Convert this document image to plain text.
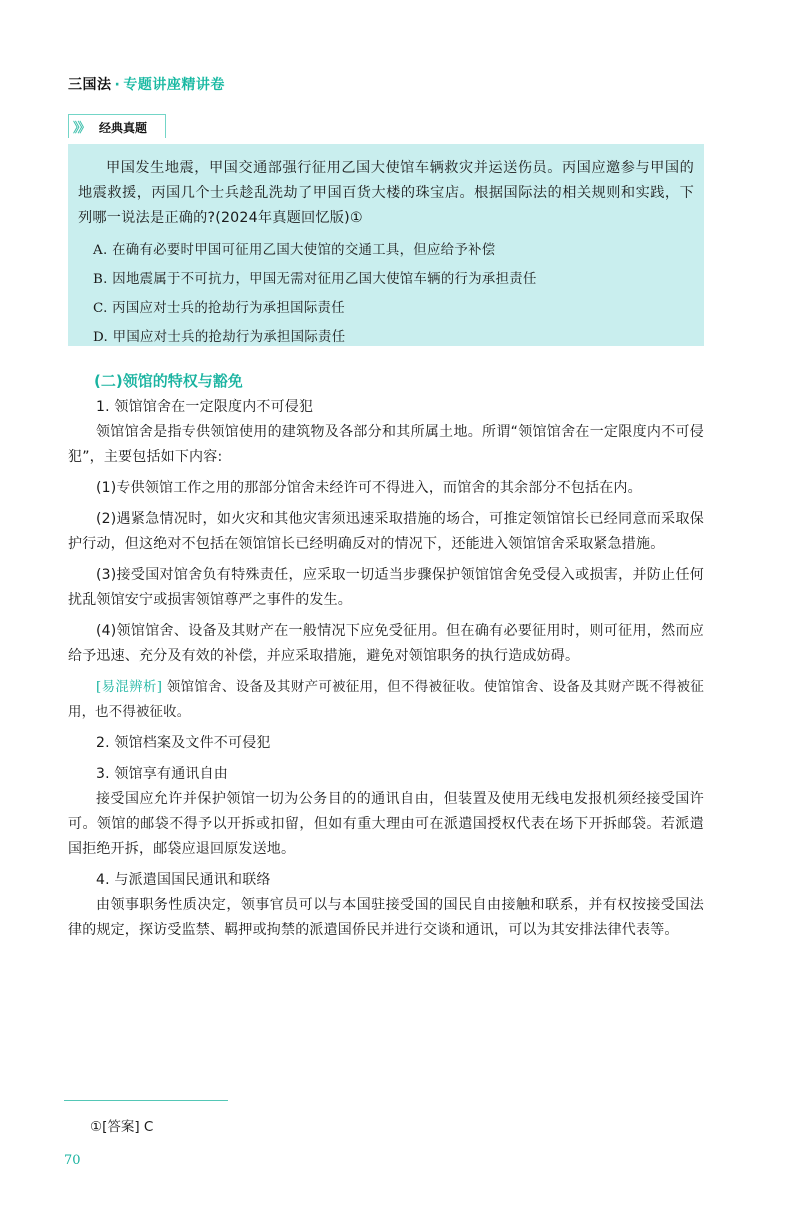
三国法 · 专题讲座精讲卷
》》 经典真题

甲国发生地震，甲国交通部强行征用乙国大使馆车辆救灾并运送伤员。丙国应邀参与甲国的地震救援，丙国几个士兵趁乱洗劫了甲国百货大楼的珠宝店。根据国际法的相关规则和实践，下列哪一说法是正确的?(2024年真题回忆版)①

A. 在确有必要时甲国可征用乙国大使馆的交通工具，但应给予补偿
B. 因地震属于不可抗力，甲国无需对征用乙国大使馆车辆的行为承担责任
C. 丙国应对士兵的抢劫行为承担国际责任
D. 甲国应对士兵的抢劫行为承担国际责任
(二)领馆的特权与豁免

1. 领馆馆舍在一定限度内不可侵犯

领馆馆舍是指专供领馆使用的建筑物及各部分和其所属土地。所谓“领馆馆舍在一定限度内不可侵犯”，主要包括如下内容:

(1)专供领馆工作之用的那部分馆舍未经许可不得进入，而馆舍的其余部分不包括在内。

(2)遇紧急情况时，如火灾和其他灾害须迅速采取措施的场合，可推定领馆馆长已经同意而采取保护行动，但这绝对不包括在领馆馆长已经明确反对的情况下，还能进入领馆馆舍采取紧急措施。

(3)接受国对馆舍负有特殊责任，应采取一切适当步骤保护领馆馆舍免受侵入或损害，并防止任何扰乱领馆安宁或损害领馆尊严之事件的发生。

(4)领馆馆舍、设备及其财产在一般情况下应免受征用。但在确有必要征用时，则可征用，然而应给予迅速、充分及有效的补偿，并应采取措施，避免对领馆职务的执行造成妨碍。

[易混辨析] 领馆馆舍、设备及其财产可被征用，但不得被征收。使馆馆舍、设备及其财产既不得被征用，也不得被征收。

2. 领馆档案及文件不可侵犯

3. 领馆享有通讯自由

接受国应允许并保护领馆一切为公务目的的通讯自由，但装置及使用无线电发报机须经接受国许可。领馆的邮袋不得予以开拆或扣留，但如有重大理由可在派遣国授权代表在场下开拆邮袋。若派遣国拒绝开拆，邮袋应退回原发送地。

4. 与派遣国国民通讯和联络

由领事职务性质决定，领事官员可以与本国驻接受国的国民自由接触和联系，并有权按接受国法律的规定，探访受监禁、羁押或拘禁的派遣国侨民并进行交谈和通讯，可以为其安排法律代表等。

①[答案] C
70
